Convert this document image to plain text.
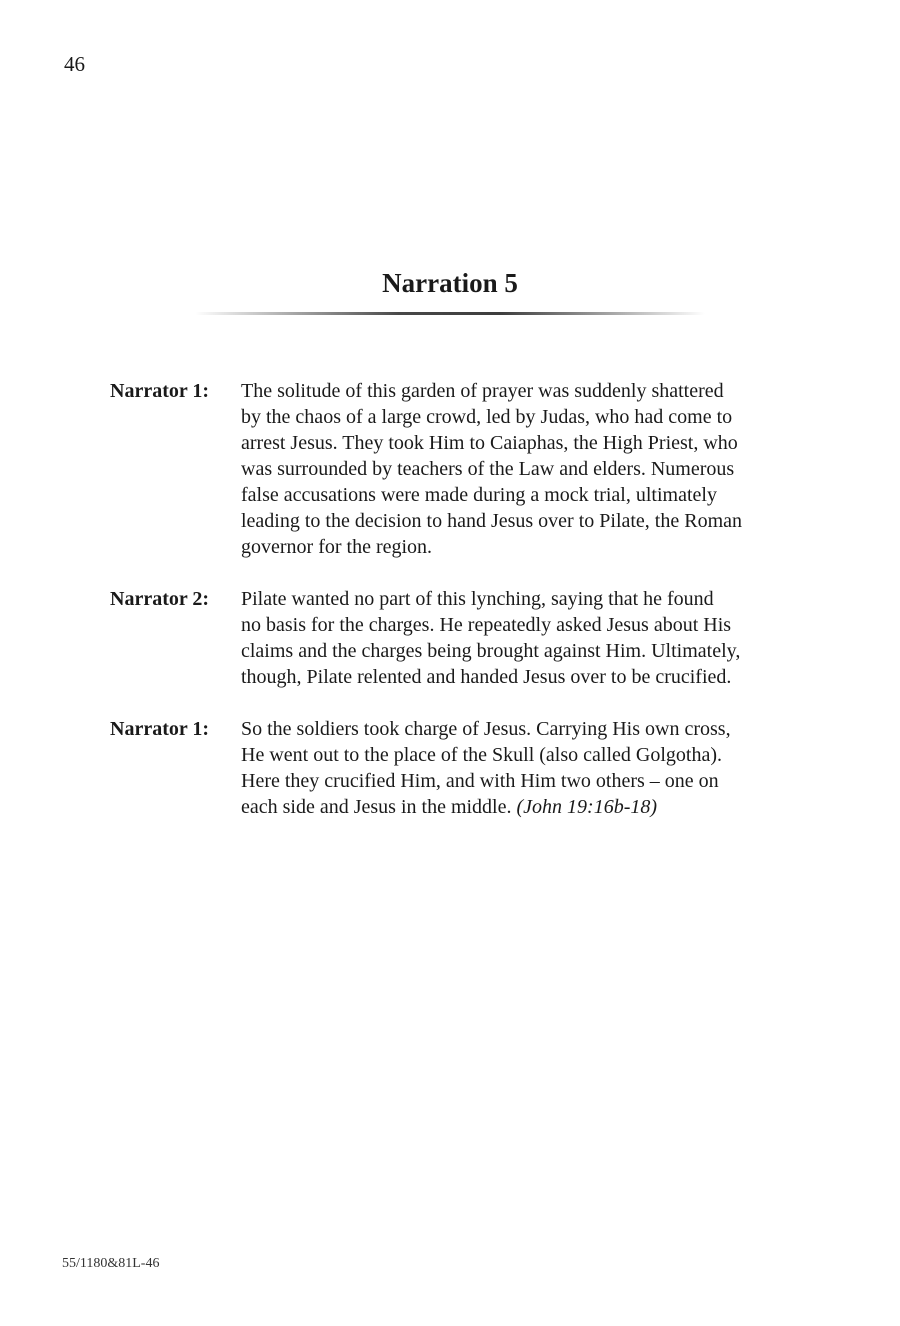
46
Narration 5
Narrator 1:	The solitude of this garden of prayer was suddenly shattered
by the chaos of a large crowd, led by Judas, who had come to
arrest Jesus. They took Him to Caiaphas, the High Priest, who
was surrounded by teachers of the Law and elders. Numerous
false accusations were made during a mock trial, ultimately
leading to the decision to hand Jesus over to Pilate, the Roman
governor for the region.
Narrator 2:	Pilate wanted no part of this lynching, saying that he found
no basis for the charges. He repeatedly asked Jesus about His
claims and the charges being brought against Him. Ultimately,
though, Pilate relented and handed Jesus over to be crucified.
Narrator 1:	So the soldiers took charge of Jesus. Carrying His own cross,
He went out to the place of the Skull (also called Golgotha).
Here they crucified Him, and with Him two others – one on
each side and Jesus in the middle. (John 19:16b-18)
55/1180&81L-46
